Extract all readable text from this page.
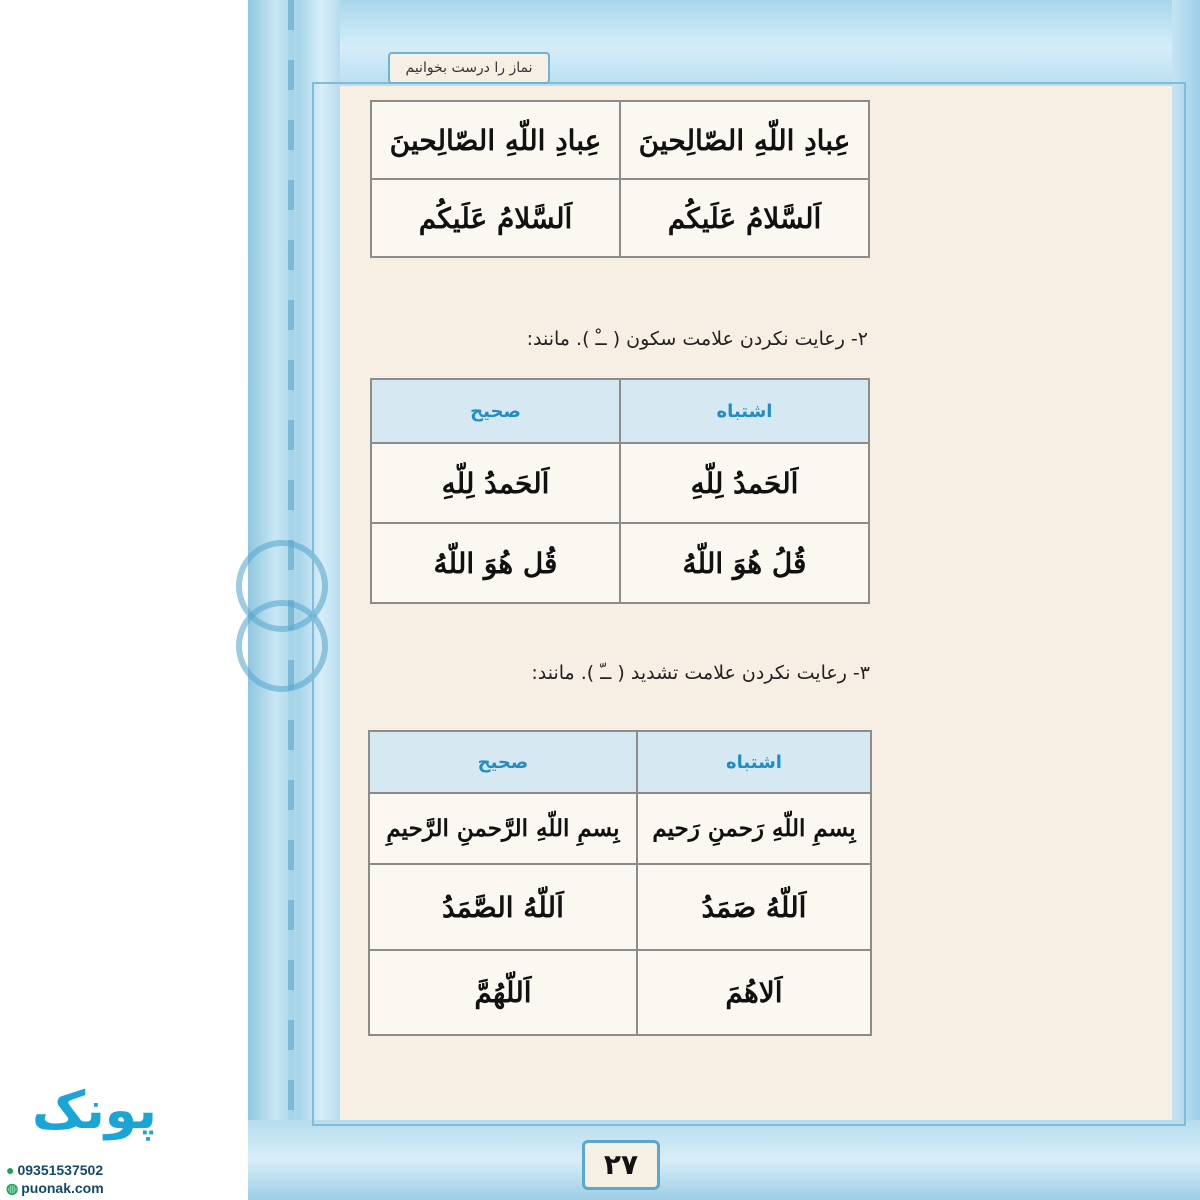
نماز را درست بخوانیم
عِبادِ اللّهِ الصّالِحینَ	عِبادِ اللّهِ الصّالِحینَ
اَلسَّلامُ عَلَیکُم	اَلسَّلامُ عَلَیکُم
۲- رعایت نکردن علامت سکون ( ــْ ). مانند:
اشتباه	صحیح
اَلحَمدُ لِلّهِ	اَلحَمدُ لِلّهِ
قُلُ هُوَ اللّهُ	قُل هُوَ اللّهُ
۳- رعایت نکردن علامت تشدید ( ــّ ). مانند:
اشتباه	صحیح
بِسمِ اللّهِ رَحمنِ رَحیم	بِسمِ اللّهِ الرَّحمنِ الرَّحیمِ
اَللّهُ صَمَدُ	اَللّهُ الصَّمَدُ
اَلاهُمَ	اَللّهُمَّ
۲۷
پونک
● 09351537502
◍ puonak.com
